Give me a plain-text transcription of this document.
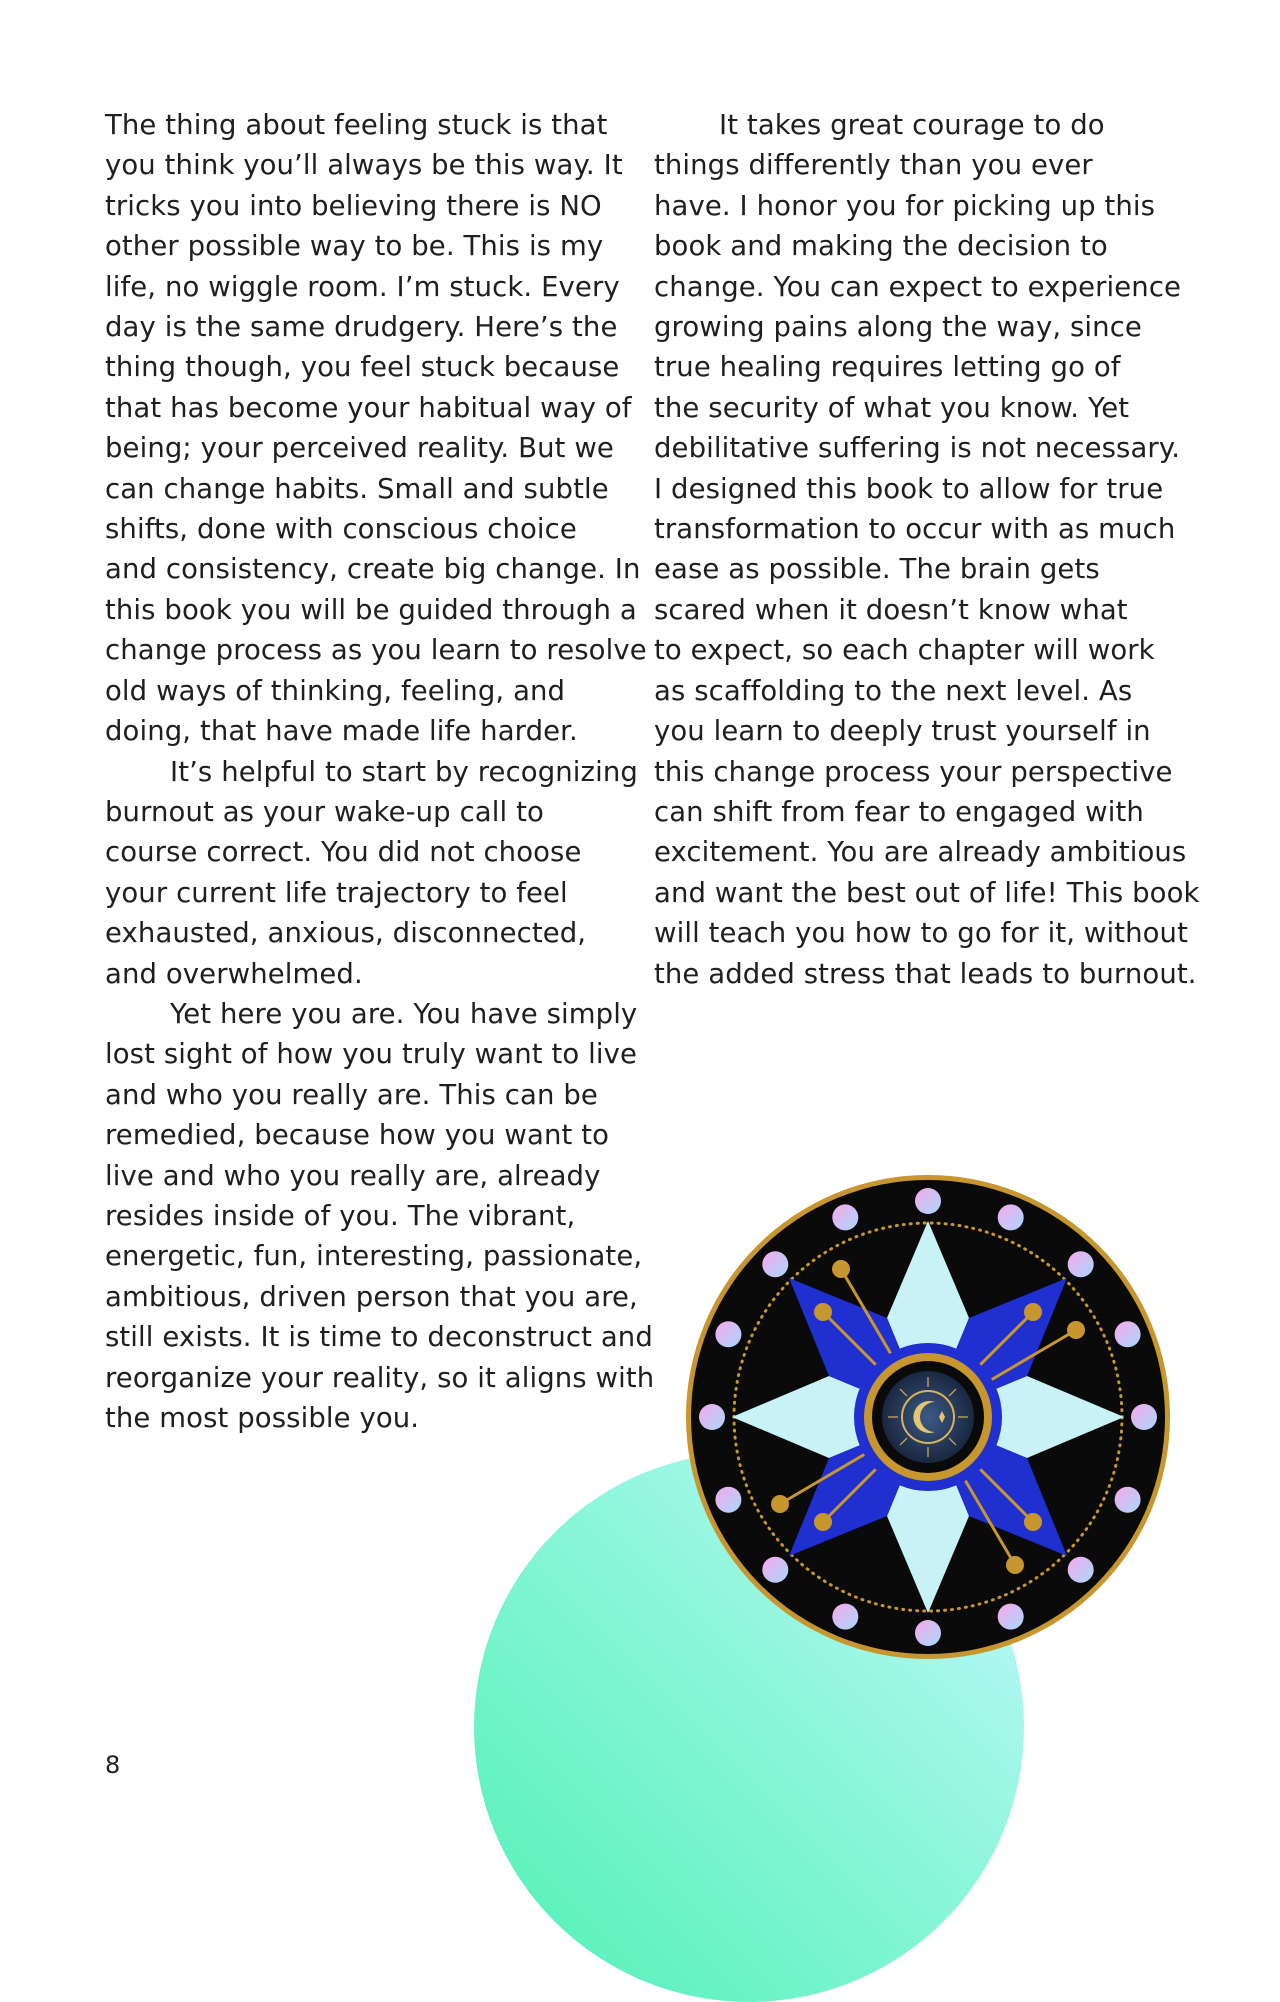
The thing about feeling stuck is that
you think you’ll always be this way. It
tricks you into believing there is NO
other possible way to be. This is my
life, no wiggle room. I’m stuck. Every
day is the same drudgery. Here’s the
thing though, you feel stuck because
that has become your habitual way of
being; your perceived reality. But we
can change habits. Small and subtle
shifts, done with conscious choice
and consistency, create big change. In
this book you will be guided through a
change process as you learn to resolve
old ways of thinking, feeling, and
doing, that have made life harder.
It’s helpful to start by recognizing
burnout as your wake-up call to
course correct. You did not choose
your current life trajectory to feel
exhausted, anxious, disconnected,
and overwhelmed.
Yet here you are. You have simply
lost sight of how you truly want to live
and who you really are. This can be
remedied, because how you want to
live and who you really are, already
resides inside of you. The vibrant,
energetic, fun, interesting, passionate,
ambitious, driven person that you are,
still exists. It is time to deconstruct and
reorganize your reality, so it aligns with
the most possible you.
It takes great courage to do
things differently than you ever
have. I honor you for picking up this
book and making the decision to
change. You can expect to experience
growing pains along the way, since
true healing requires letting go of
the security of what you know. Yet
debilitative suffering is not necessary.
I designed this book to allow for true
transformation to occur with as much
ease as possible. The brain gets
scared when it doesn’t know what
to expect, so each chapter will work
as scaffolding to the next level. As
you learn to deeply trust yourself in
this change process your perspective
can shift from fear to engaged with
excitement. You are already ambitious
and want the best out of life! This book
will teach you how to go for it, without
the added stress that leads to burnout.
8
